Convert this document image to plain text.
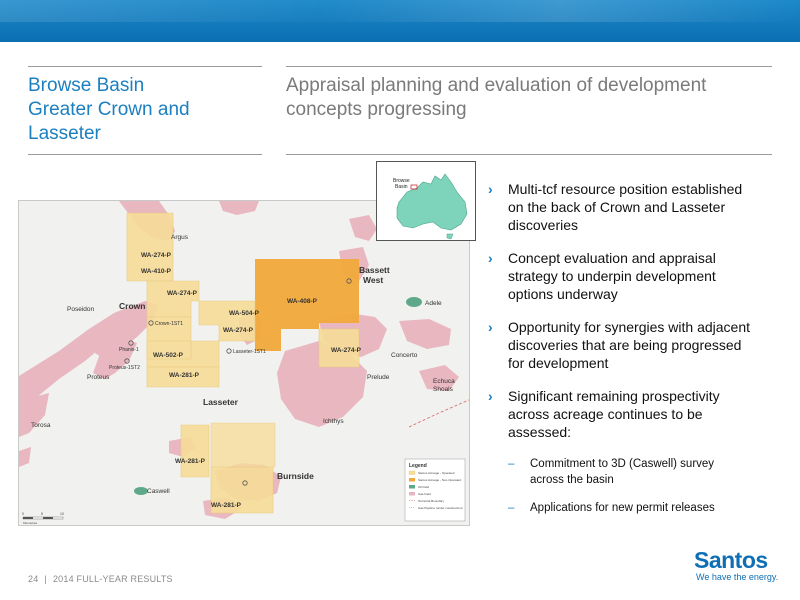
Browse Basin
Greater Crown and
Lasseter
Appraisal planning and evaluation of development
concepts progressing
WA-274-P
WA-410-P
WA-274-P
WA-504-P
WA-274-P
WA-408-P
WA-502-P
WA-281-P
WA-274-P
WA-281-P
WA-281-P
Argus
Poseidon
Proteus
Concerto
Prelude
Echuca
Shoals
Ichthys
Torosa
Caswell
Adele
Crown
Bassett
West
Lasseter
Burnside
Crown-1ST1
Phanix-1
Proteus-1ST2
Lasseter-1ST1
Legend
Santos Acreage - Operated
Santos Acreage - Non-Operated
Oil Field
Gas Field
Territorial Boundary
Gas Pipeline (under construction)
0	5	10
Kilometres
Browse
Basin	› Multi-tcf resource position established
on the back of Crown and Lasseter
discoveries
› Concept evaluation and appraisal
strategy to underpin development
options underway
› Opportunity for synergies with adjacent
discoveries that are being progressed
for development
› Significant remaining prospectivity
across acreage continues to be
assessed:
– Commitment to 3D (Caswell) survey
across the basin
– Applications for new permit releases
24 | 2014 FULL-YEAR RESULTS
Santos
We have the energy.
